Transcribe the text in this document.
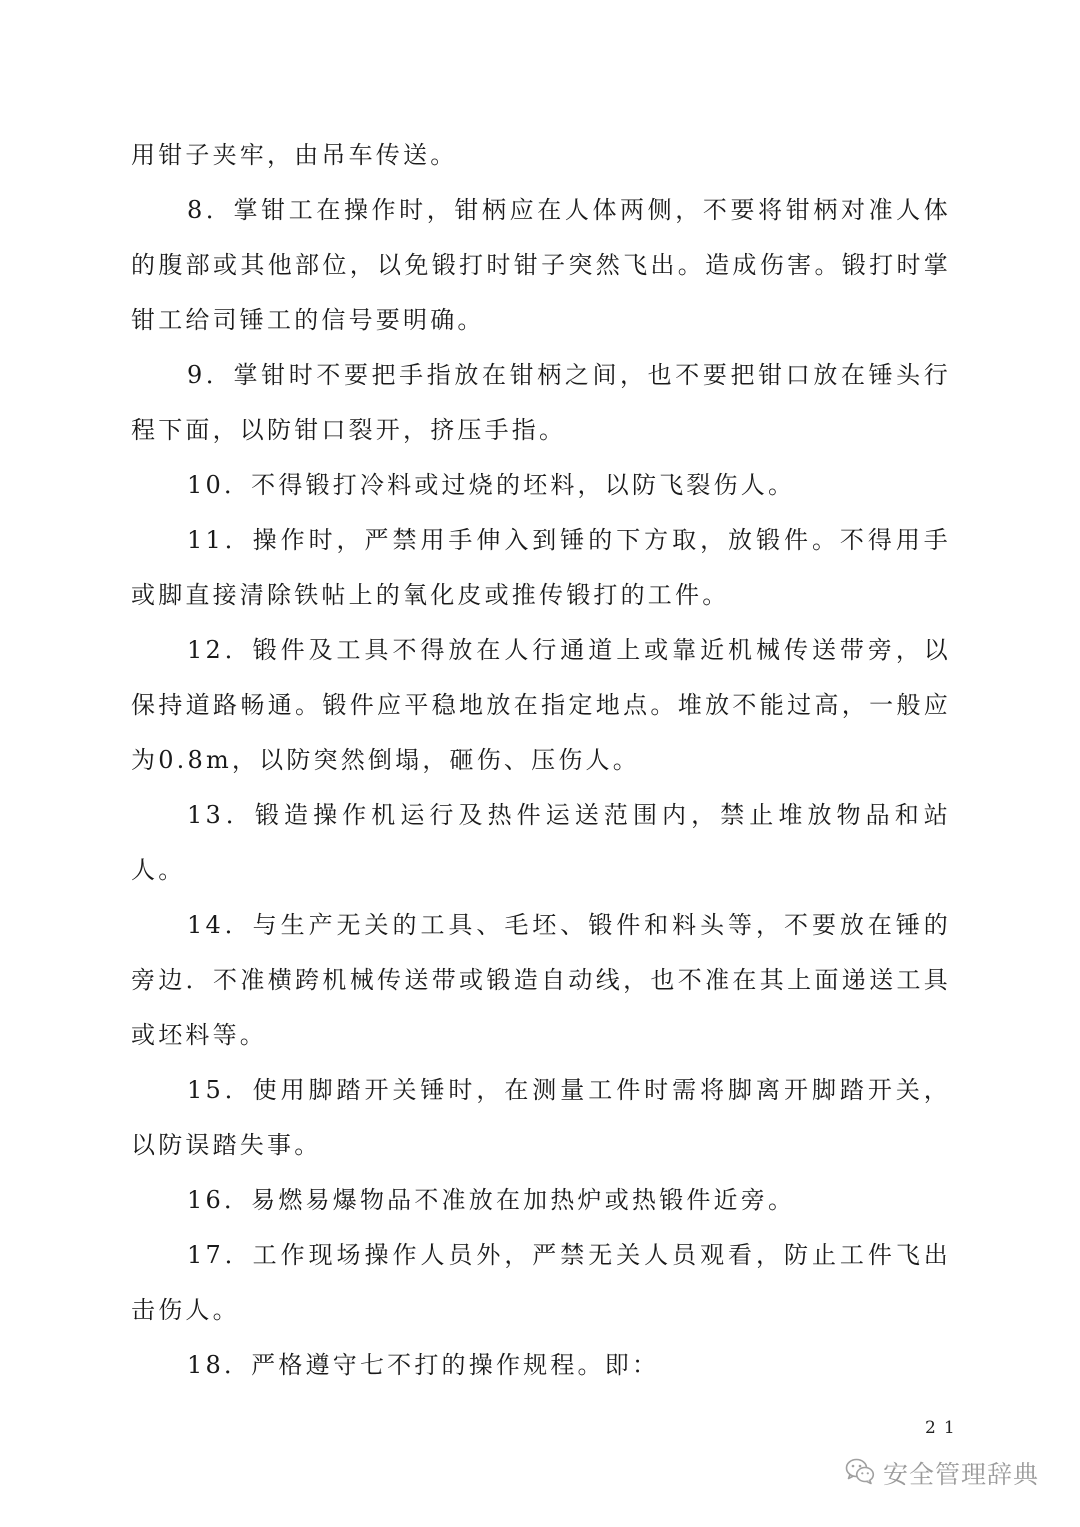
用钳子夹牢，由吊车传送。

8．掌钳工在操作时，钳柄应在人体两侧，不要将钳柄对准人体的腹部或其他部位，以免锻打时钳子突然飞出。造成伤害。锻打时掌钳工给司锤工的信号要明确。

9．掌钳时不要把手指放在钳柄之间，也不要把钳口放在锤头行程下面，以防钳口裂开，挤压手指。

10．不得锻打冷料或过烧的坯料，以防飞裂伤人。

11．操作时，严禁用手伸入到锤的下方取，放锻件。不得用手或脚直接清除铁帖上的氧化皮或推传锻打的工件。

12．锻件及工具不得放在人行通道上或靠近机械传送带旁，以保持道路畅通。锻件应平稳地放在指定地点。堆放不能过高，一般应为0.8m，以防突然倒塌，砸伤、压伤人。

13．锻造操作机运行及热件运送范围内，禁止堆放物品和站人。

14．与生产无关的工具、毛坯、锻件和料头等，不要放在锤的旁边．不准横跨机械传送带或锻造自动线，也不准在其上面递送工具或坯料等。

15．使用脚踏开关锤时，在测量工件时需将脚离开脚踏开关，以防误踏失事。

16．易燃易爆物品不准放在加热炉或热锻件近旁。

17．工作现场操作人员外，严禁无关人员观看，防止工件飞出击伤人。

18．严格遵守七不打的操作规程。即：

21
安全管理辞典
